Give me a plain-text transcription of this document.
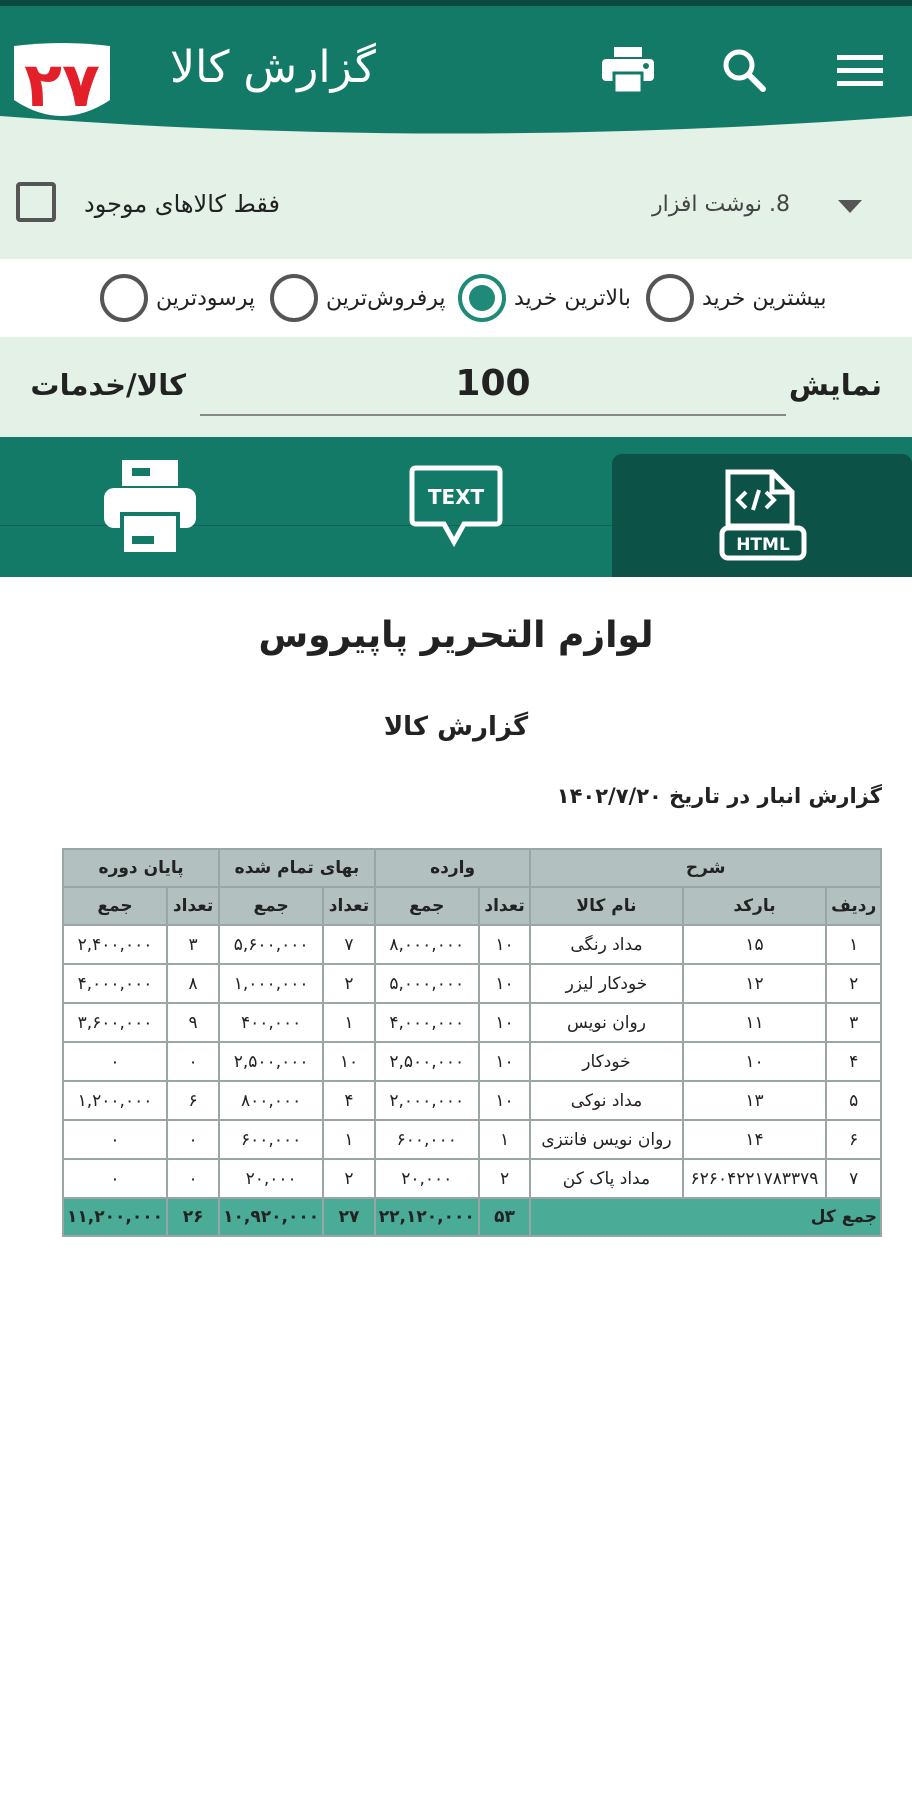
۲۷ گزارش کالا
فقط کالاهای موجود	8. نوشت افزار
بیشترین خرید
بالاترین خرید
پرفروش‌ترین
پرسودترین
کالا/خدمات
100	نمایش
HTML
TEXT
لوازم التحریر پاپیروس
گزارش کالا
گزارش انبار در تاریخ ۱۴۰۲/۷/۲۰
شرح			وارده		بهای تمام شده		پایان دوره	
ردیف	بارکد	نام کالا	تعداد	جمع	تعداد	جمع	تعداد	جمع
۱	۱۵	مداد رنگی	۱۰	۸,۰۰۰,۰۰۰	۷	۵,۶۰۰,۰۰۰	۳	۲,۴۰۰,۰۰۰
۲	۱۲	خودکار لیزر	۱۰	۵,۰۰۰,۰۰۰	۲	۱,۰۰۰,۰۰۰	۸	۴,۰۰۰,۰۰۰
۳	۱۱	روان نویس	۱۰	۴,۰۰۰,۰۰۰	۱	۴۰۰,۰۰۰	۹	۳,۶۰۰,۰۰۰
۴	۱۰	خودکار	۱۰	۲,۵۰۰,۰۰۰	۱۰	۲,۵۰۰,۰۰۰	۰	۰
۵	۱۳	مداد نوکی	۱۰	۲,۰۰۰,۰۰۰	۴	۸۰۰,۰۰۰	۶	۱,۲۰۰,۰۰۰
۶	۱۴	روان نویس فانتزی	۱	۶۰۰,۰۰۰	۱	۶۰۰,۰۰۰	۰	۰
۷	۶۲۶۰۴۲۲۱۷۸۳۳۷۹	مداد پاک کن	۲	۲۰,۰۰۰	۲	۲۰,۰۰۰	۰	۰
جمع کل			۵۳	۲۲,۱۲۰,۰۰۰	۲۷	۱۰,۹۲۰,۰۰۰	۲۶	۱۱,۲۰۰,۰۰۰
